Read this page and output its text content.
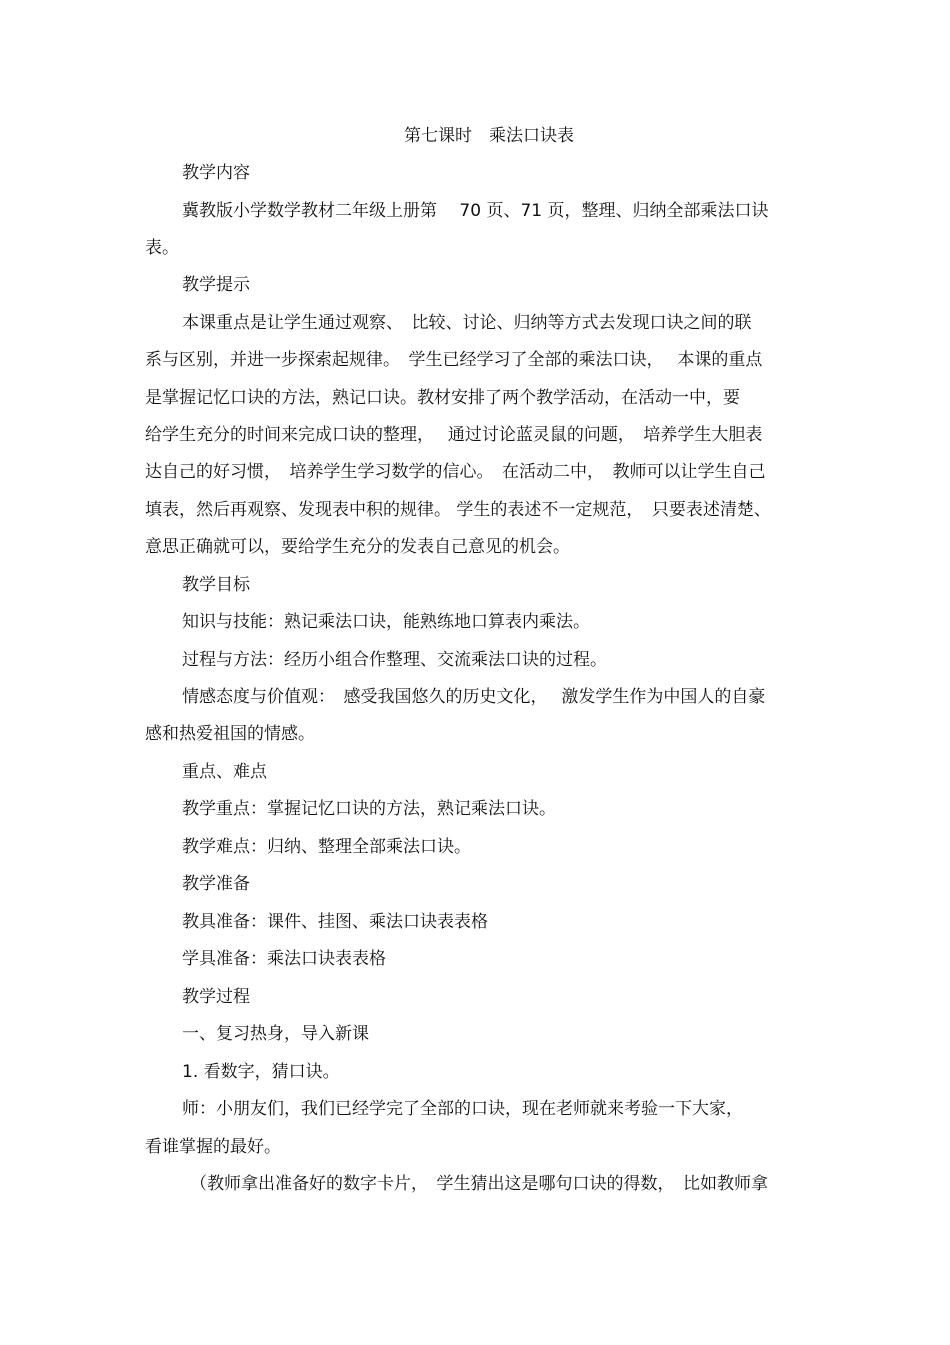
第七课时　乘法口诀表
教学内容
冀教版小学数学教材二年级上册第　 70 页、71 页，整理、归纳全部乘法口诀
表。
教学提示
本课重点是让学生通过观察、　比较、讨论、归纳等方式去发现口诀之间的联
系与区别，并进一步探索起规律。　学生已经学习了全部的乘法口诀，　 本课的重点
是掌握记忆口诀的方法，熟记口诀。教材安排了两个教学活动，在活动一中，要
给学生充分的时间来完成口诀的整理，　 通过讨论蓝灵鼠的问题，　培养学生大胆表
达自己的好习惯，　培养学生学习数学的信心。　在活动二中，　教师可以让学生自己
填表，然后再观察、发现表中积的规律。 学生的表述不一定规范，　只要表述清楚、
意思正确就可以，要给学生充分的发表自己意见的机会。
教学目标
知识与技能：熟记乘法口诀，能熟练地口算表内乘法。
过程与方法：经历小组合作整理、交流乘法口诀的过程。
情感态度与价值观：　感受我国悠久的历史文化，　 激发学生作为中国人的自豪
感和热爱祖国的情感。
重点、难点
教学重点：掌握记忆口诀的方法，熟记乘法口诀。
教学难点：归纳、整理全部乘法口诀。
教学准备
教具准备：课件、挂图、乘法口诀表表格
学具准备：乘法口诀表表格
教学过程
一、复习热身，导入新课
1. 看数字，猜口诀。
师：小朋友们，我们已经学完了全部的口诀，现在老师就来考验一下大家，
看谁掌握的最好。
（教师拿出准备好的数字卡片，　学生猜出这是哪句口诀的得数，　比如教师拿
